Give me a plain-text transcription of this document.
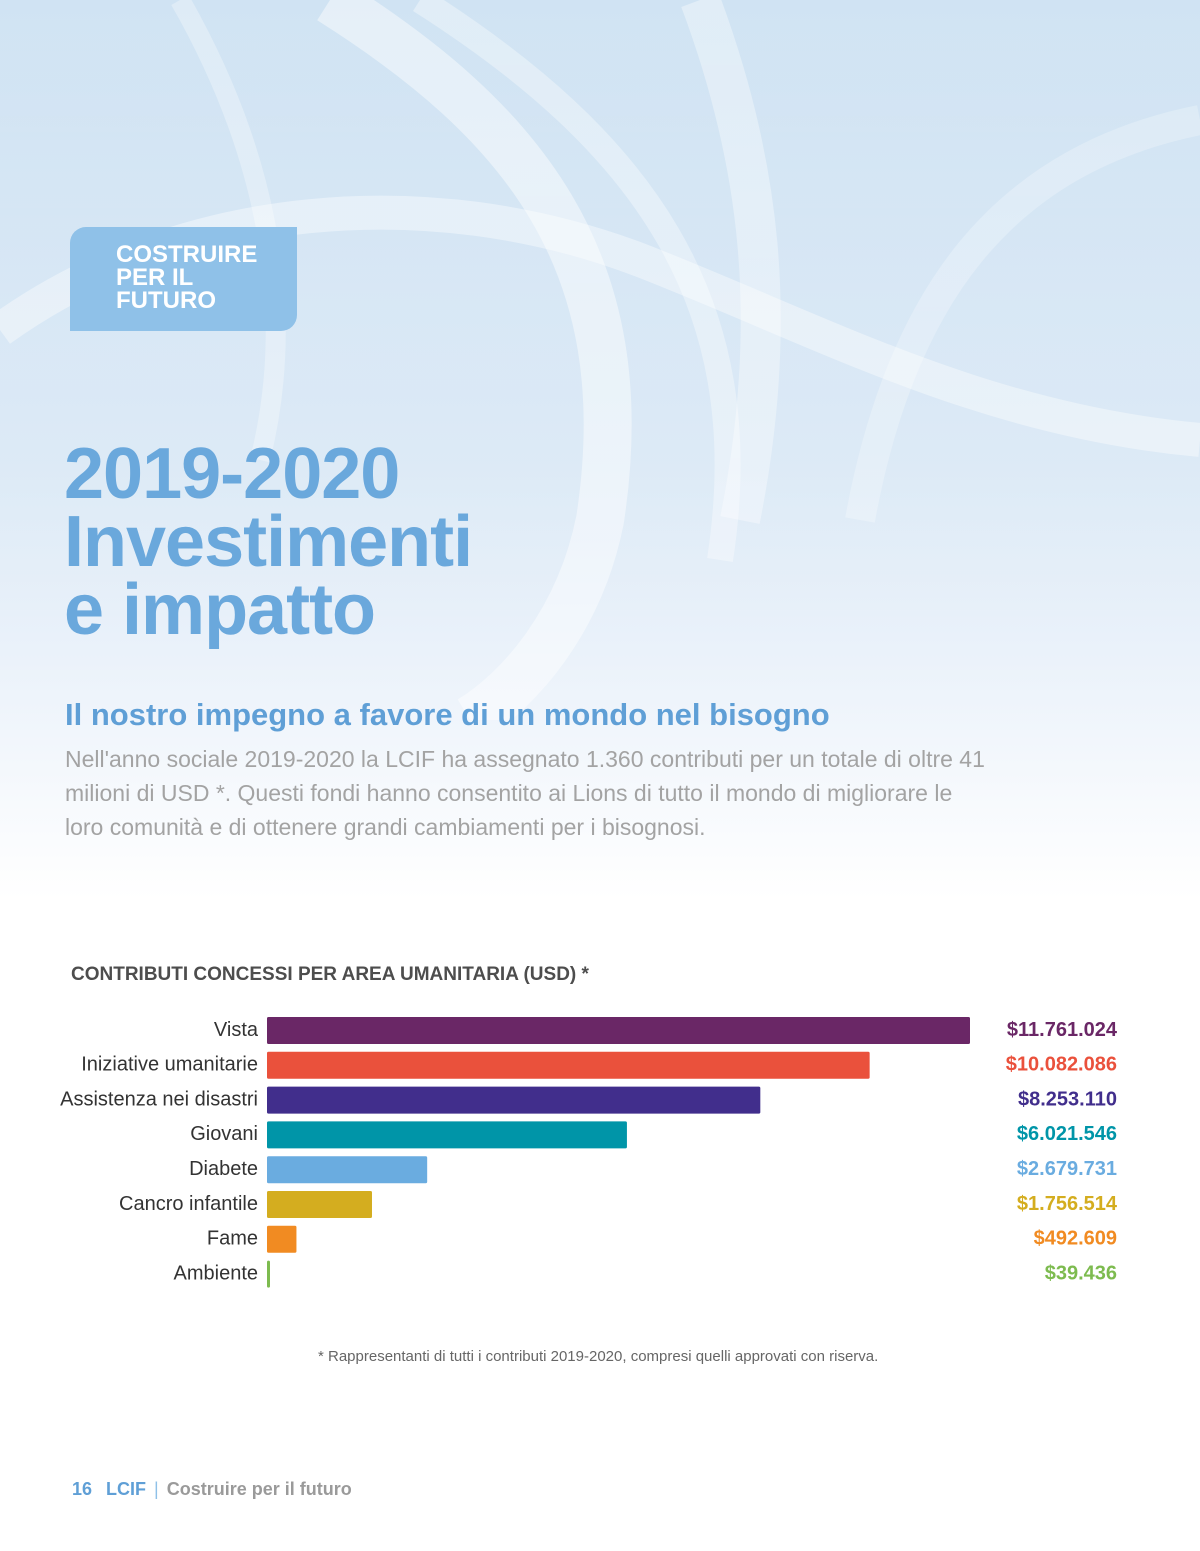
COSTRUIRE
PER IL
FUTURO
2019-2020
Investimenti
e impatto
Il nostro impegno a favore di un mondo nel bisogno

Nell'anno sociale 2019-2020 la LCIF ha assegnato 1.360 contributi per un totale di oltre 41 milioni di USD *. Questi fondi hanno consentito ai Lions di tutto il mondo di migliorare le loro comunità e di ottenere grandi cambiamenti per i bisognosi.

CONTRIBUTI CONCESSI PER AREA UMANITARIA (USD) *
Vista	$11.761.024
Iniziative umanitarie	$10.082.086
Assistenza nei disastri	$8.253.110
Giovani	$6.021.546
Diabete	$2.679.731
Cancro infantile	$1.756.514
Fame	$492.609
Ambiente	$39.436
* Rappresentanti di tutti i contributi 2019-2020, compresi quelli approvati con riserva.
16 LCIF | Costruire per il futuro
